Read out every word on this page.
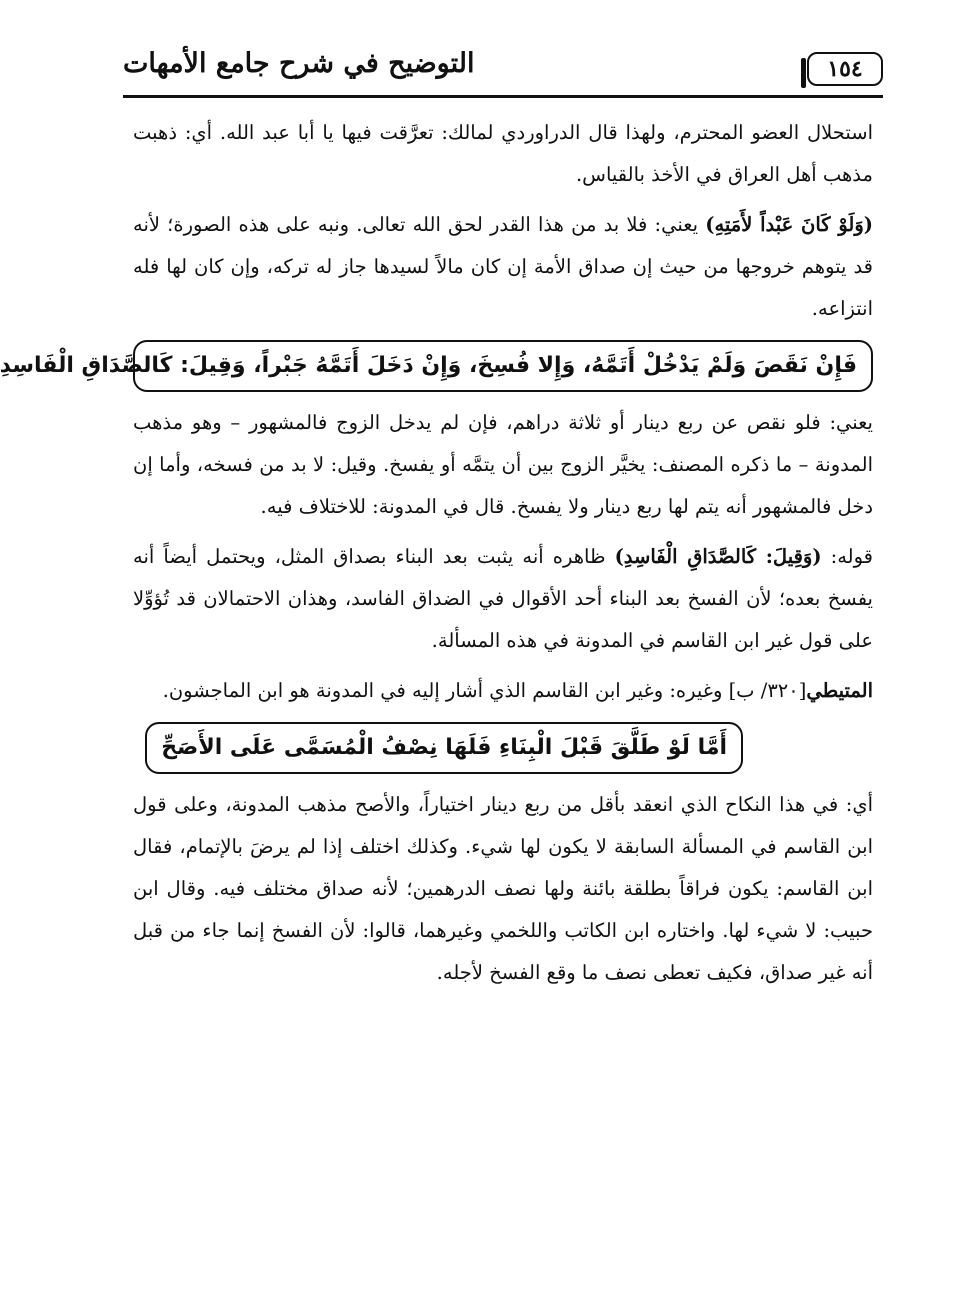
١٥٤
التوضيح في شرح جامع الأمهات

استحلال العضو المحترم، ولهذا قال الدراوردي لمالك: تعرَّقت فيها يا أبا عبد الله. أي: ذهبت مذهب أهل العراق في الأخذ بالقياس.

(وَلَوْ كَانَ عَبْداً لأَمَتِهِ) يعني: فلا بد من هذا القدر لحق الله تعالى. ونبه على هذه الصورة؛ لأنه قد يتوهم خروجها من حيث إن صداق الأمة إن كان مالاً لسيدها جاز له تركه، وإن كان لها فله انتزاعه.

فَإِنْ نَقَصَ وَلَمْ يَدْخُلْ أَتَمَّهُ، وَإِلا فُسِخَ، وَإِنْ دَخَلَ أَتَمَّهُ جَبْراً، وَقِيلَ: كَالصَّدَاقِ الْفَاسِدِ

يعني: فلو نقص عن ربع دينار أو ثلاثة دراهم، فإن لم يدخل الزوج فالمشهور – وهو مذهب المدونة – ما ذكره المصنف: يخيَّر الزوج بين أن يتمَّه أو يفسخ. وقيل: لا بد من فسخه، وأما إن دخل فالمشهور أنه يتم لها ربع دينار ولا يفسخ. قال في المدونة: للاختلاف فيه.

قوله: (وَقِيلَ: كَالصَّدَاقِ الْفَاسِدِ) ظاهره أنه يثبت بعد البناء بصداق المثل، ويحتمل أيضاً أنه يفسخ بعده؛ لأن الفسخ بعد البناء أحد الأقوال في الضداق الفاسد، وهذان الاحتمالان قد تُؤوِّلا على قول غير ابن القاسم في المدونة في هذه المسألة.

المتيطي[٣٢٠/ ب] وغيره: وغير ابن القاسم الذي أشار إليه في المدونة هو ابن الماجشون.

أَمَّا لَوْ طَلَّقَ قَبْلَ الْبِنَاءِ فَلَهَا نِصْفُ الْمُسَمَّى عَلَى الأَصَحِّ

أي: في هذا النكاح الذي انعقد بأقل من ربع دينار اختياراً، والأصح مذهب المدونة، وعلى قول ابن القاسم في المسألة السابقة لا يكون لها شيء. وكذلك اختلف إذا لم يرضَ بالإتمام، فقال ابن القاسم: يكون فراقاً بطلقة بائنة ولها نصف الدرهمين؛ لأنه صداق مختلف فيه. وقال ابن حبيب: لا شيء لها. واختاره ابن الكاتب واللخمي وغيرهما، قالوا: لأن الفسخ إنما جاء من قبل أنه غير صداق، فكيف تعطى نصف ما وقع الفسخ لأجله.
